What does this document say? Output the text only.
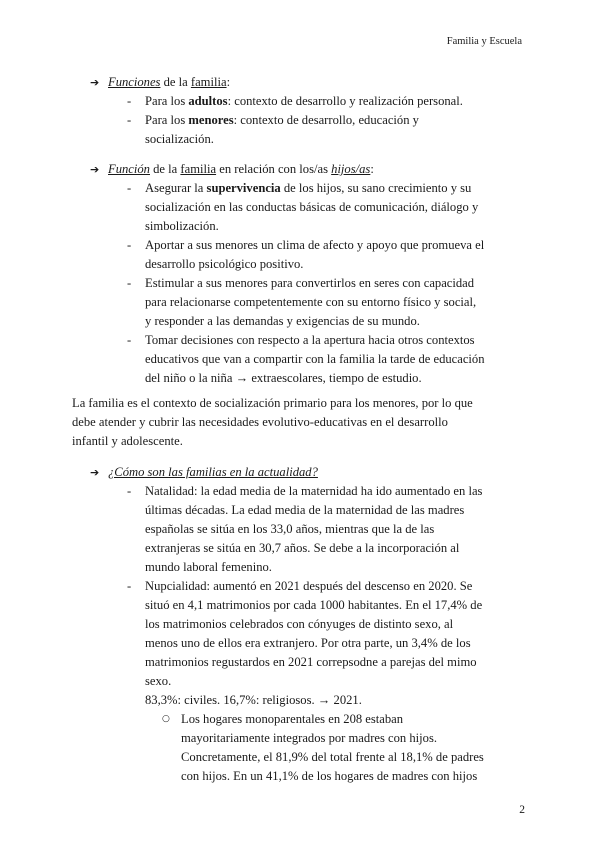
Familia y Escuela
➔ Funciones de la familia:
- Para los adultos: contexto de desarrollo y realización personal.
- Para los menores: contexto de desarrollo, educación y
socialización.
➔ Función de la familia en relación con los/as hijos/as:
- Asegurar la supervivencia de los hijos, su sano crecimiento y su
socialización en las conductas básicas de comunicación, diálogo y
simbolización.
- Aportar a sus menores un clima de afecto y apoyo que promueva el
desarrollo psicológico positivo.
- Estimular a sus menores para convertirlos en seres con capacidad
para relacionarse competentemente con su entorno físico y social,
y responder a las demandas y exigencias de su mundo.
- Tomar decisiones con respecto a la apertura hacia otros contextos
educativos que van a compartir con la familia la tarde de educación
del niño o la niña → extraescolares, tiempo de estudio.
La familia es el contexto de socialización primario para los menores, por lo que
debe atender y cubrir las necesidades evolutivo-educativas en el desarrollo
infantil y adolescente.
➔ ¿Cómo son las familias en la actualidad?
- Natalidad: la edad media de la maternidad ha ido aumentado en las
últimas décadas. La edad media de la maternidad de las madres
españolas se sitúa en los 33,0 años, mientras que la de las
extranjeras se sitúa en 30,7 años. Se debe a la incorporación al
mundo laboral femenino.
- Nupcialidad: aumentó en 2021 después del descenso en 2020. Se
situó en 4,1 matrimonios por cada 1000 habitantes. En el 17,4% de
los matrimonios celebrados con cónyuges de distinto sexo, al
menos uno de ellos era extranjero. Por otra parte, un 3,4% de los
matrimonios regustardos en 2021 correpsodne a parejas del mimo
sexo.
83,3%: civiles. 16,7%: religiosos. → 2021.
○ Los hogares monoparentales en 208 estaban
mayoritariamente integrados por madres con hijos.
Concretamente, el 81,9% del total frente al 18,1% de padres
con hijos. En un 41,1% de los hogares de madres con hijos
2
